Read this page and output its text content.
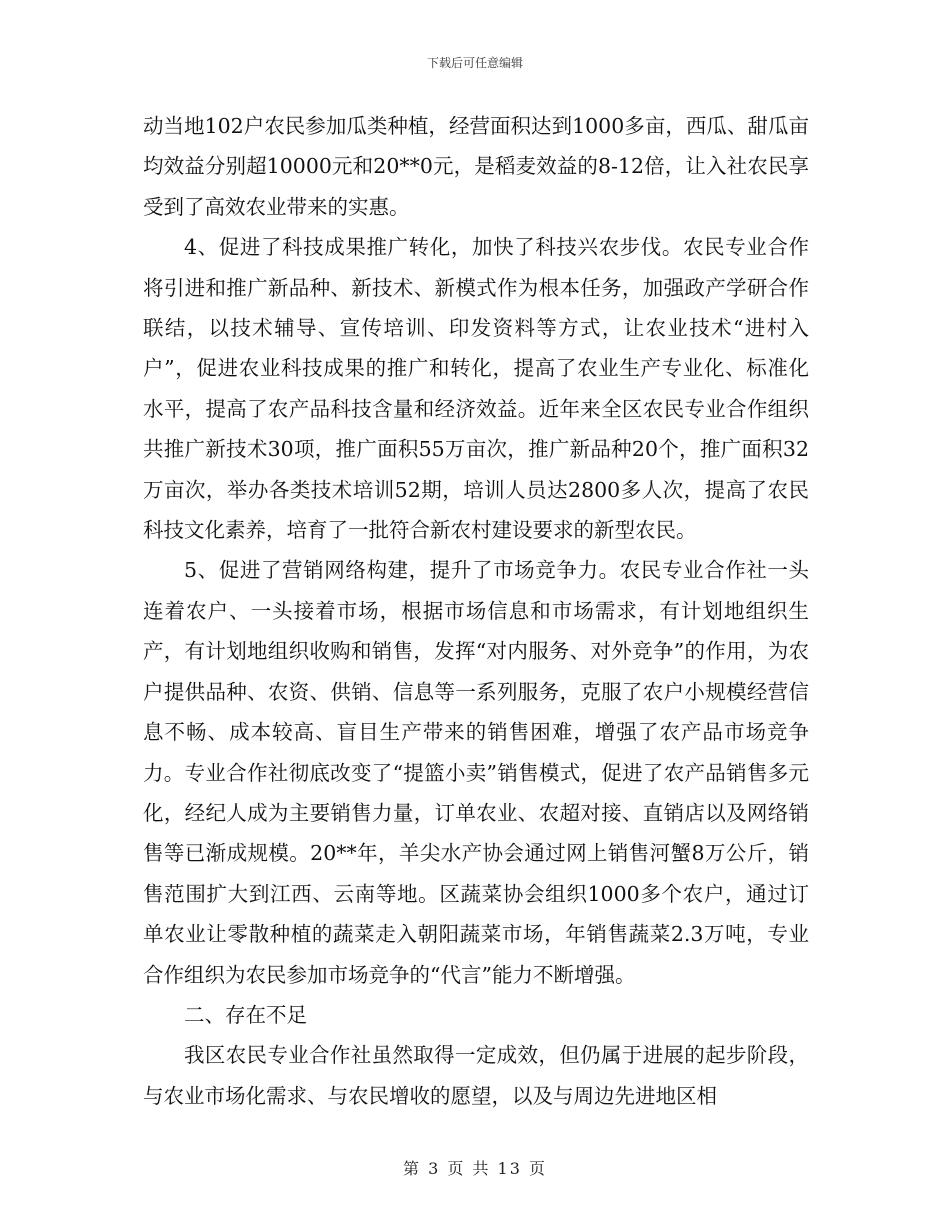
下载后可任意编辑

动当地102户农民参加瓜类种植，经营面积达到1000多亩，西瓜、甜瓜亩均效益分别超10000元和20**0元，是稻麦效益的8-12倍，让入社农民享受到了高效农业带来的实惠。

4、促进了科技成果推广转化，加快了科技兴农步伐。农民专业合作将引进和推广新品种、新技术、新模式作为根本任务，加强政产学研合作联结，以技术辅导、宣传培训、印发资料等方式，让农业技术“进村入户”，促进农业科技成果的推广和转化，提高了农业生产专业化、标准化水平，提高了农产品科技含量和经济效益。近年来全区农民专业合作组织共推广新技术30项，推广面积55万亩次，推广新品种20个，推广面积32万亩次，举办各类技术培训52期，培训人员达2800多人次，提高了农民科技文化素养，培育了一批符合新农村建设要求的新型农民。

5、促进了营销网络构建，提升了市场竞争力。农民专业合作社一头连着农户、一头接着市场，根据市场信息和市场需求，有计划地组织生产，有计划地组织收购和销售，发挥“对内服务、对外竞争”的作用，为农户提供品种、农资、供销、信息等一系列服务，克服了农户小规模经营信息不畅、成本较高、盲目生产带来的销售困难，增强了农产品市场竞争力。专业合作社彻底改变了“提篮小卖”销售模式，促进了农产品销售多元化，经纪人成为主要销售力量，订单农业、农超对接、直销店以及网络销售等已渐成规模。20**年，羊尖水产协会通过网上销售河蟹8万公斤，销售范围扩大到江西、云南等地。区蔬菜协会组织1000多个农户，通过订单农业让零散种植的蔬菜走入朝阳蔬菜市场，年销售蔬菜2.3万吨，专业合作组织为农民参加市场竞争的“代言”能力不断增强。

二、存在不足

我区农民专业合作社虽然取得一定成效，但仍属于进展的起步阶段，与农业市场化需求、与农民增收的愿望，以及与周边先进地区相

第 3 页 共 13 页
